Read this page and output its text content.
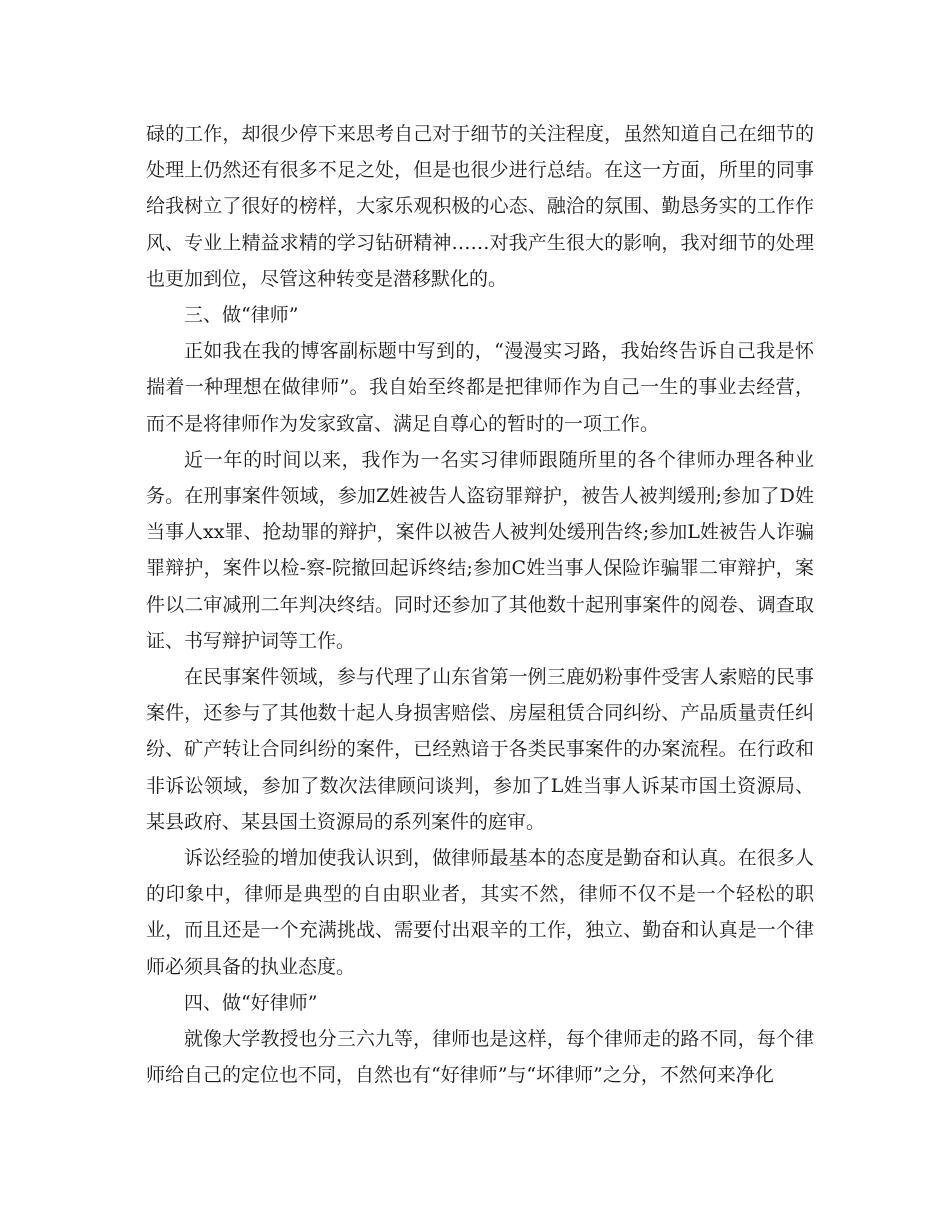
碌的工作，却很少停下来思考自己对于细节的关注程度，虽然知道自己在细节的处理上仍然还有很多不足之处，但是也很少进行总结。在这一方面，所里的同事给我树立了很好的榜样，大家乐观积极的心态、融洽的氛围、勤恳务实的工作作风、专业上精益求精的学习钻研精神……对我产生很大的影响，我对细节的处理也更加到位，尽管这种转变是潜移默化的。

三、做“律师”

正如我在我的博客副标题中写到的，“漫漫实习路，我始终告诉自己我是怀揣着一种理想在做律师”。我自始至终都是把律师作为自己一生的事业去经营，而不是将律师作为发家致富、满足自尊心的暂时的一项工作。

近一年的时间以来，我作为一名实习律师跟随所里的各个律师办理各种业务。在刑事案件领域，参加Z姓被告人盗窃罪辩护，被告人被判缓刑;参加了D姓当事人xx罪、抢劫罪的辩护，案件以被告人被判处缓刑告终;参加L姓被告人诈骗罪辩护，案件以检-察-院撤回起诉终结;参加C姓当事人保险诈骗罪二审辩护，案件以二审减刑二年判决终结。同时还参加了其他数十起刑事案件的阅卷、调查取证、书写辩护词等工作。

在民事案件领域，参与代理了山东省第一例三鹿奶粉事件受害人索赔的民事案件，还参与了其他数十起人身损害赔偿、房屋租赁合同纠纷、产品质量责任纠纷、矿产转让合同纠纷的案件，已经熟谙于各类民事案件的办案流程。在行政和非诉讼领域，参加了数次法律顾问谈判，参加了L姓当事人诉某市国土资源局、某县政府、某县国土资源局的系列案件的庭审。

诉讼经验的增加使我认识到，做律师最基本的态度是勤奋和认真。在很多人的印象中，律师是典型的自由职业者，其实不然，律师不仅不是一个轻松的职业，而且还是一个充满挑战、需要付出艰辛的工作，独立、勤奋和认真是一个律师必须具备的执业态度。

四、做“好律师”

就像大学教授也分三六九等，律师也是这样，每个律师走的路不同，每个律师给自己的定位也不同，自然也有“好律师”与“坏律师”之分，不然何来净化
